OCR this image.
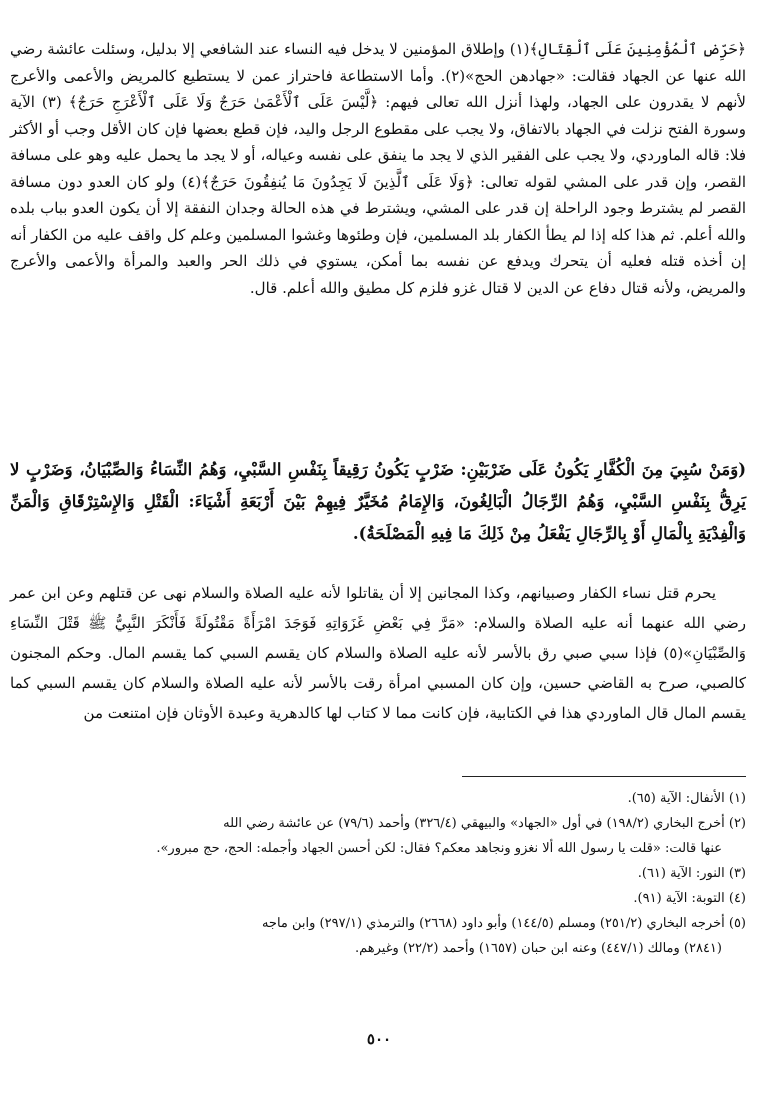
﴿حَرِّضِ ٱلْمُؤْمِنِينَ عَلَى ٱلْقِتَالِ﴾(١) وإطلاق المؤمنين لا يدخل فيه النساء عند الشافعي إلا بدليل، وسئلت عائشة رضي الله عنها عن الجهاد فقالت: «جهادهن الحج»(٢). وأما الاستطاعة فاحتراز عمن لا يستطيع كالمريض والأعمى والأعرج لأنهم لا يقدرون على الجهاد، ولهذا أنزل الله تعالى فيهم: ﴿لَّيْسَ عَلَى ٱلْأَعْمَىٰ حَرَجٌ وَلَا عَلَى ٱلْأَعْرَجِ حَرَجٌ﴾ (٣) الآية وسورة الفتح نزلت في الجهاد بالاتفاق، ولا يجب على مقطوع الرجل واليد، فإن قطع بعضها فإن كان الأقل وجب أو الأكثر فلا: قاله الماوردي، ولا يجب على الفقير الذي لا يجد ما ينفق على نفسه وعياله، أو لا يجد ما يحمل عليه وهو على مسافة القصر، وإن قدر على المشي لقوله تعالى: ﴿وَلَا عَلَى ٱلَّذِينَ لَا يَجِدُونَ مَا يُنفِقُونَ حَرَجٌ﴾(٤) ولو كان العدو دون مسافة القصر لم يشترط وجود الراحلة إن قدر على المشي، ويشترط في هذه الحالة وجدان النفقة إلا أن يكون العدو بباب بلده والله أعلم. ثم هذا كله إذا لم يطأ الكفار بلد المسلمين، فإن وطئوها وغشوا المسلمين وعلم كل واقف عليه من الكفار أنه إن أخذه قتله فعليه أن يتحرك ويدفع عن نفسه بما أمكن، يستوي في ذلك الحر والعبد والمرأة والأعمى والأعرج والمريض، ولأنه قتال دفاع عن الدين لا قتال غزو فلزم كل مطيق والله أعلم. قال.

(وَمَنْ سُبِيَ مِنَ الْكُفَّارِ يَكُونُ عَلَى ضَرْبَيْنِ: ضَرْبٍ يَكُونُ رَقِيقاً بِنَفْسِ السَّبْيِ، وَهُمُ النِّسَاءُ وَالصِّبْيَانُ، وَضَرْبٍ لا يَرِقُّ بِنَفْسِ السَّبْيِ، وَهُمُ الرِّجَالُ الْبَالِغُونَ، وَالإِمَامُ مُخَيَّرٌ فِيهِمْ بَيْنَ أَرْبَعَةِ أَشْيَاءَ: الْقَتْلِ وَالإِسْتِرْقَاقِ وَالْمَنِّ وَالْفِدْيَةِ بِالْمَالِ أَوْ بِالرِّجَالِ يَفْعَلُ مِنْ ذَلِكَ مَا فِيهِ الْمَصْلَحَةُ).

يحرم قتل نساء الكفار وصبيانهم، وكذا المجانين إلا أن يقاتلوا لأنه عليه الصلاة والسلام نهى عن قتلهم وعن ابن عمر رضي الله عنهما أنه عليه الصلاة والسلام: «مَرَّ فِي بَعْضِ غَزَوَاتِهِ فَوَجَدَ امْرَأَةً مَقْتُولَةً فَأَنْكَرَ النَّبِيُّ ﷺ قَتْلَ النِّسَاءِ وَالصِّبْيَانِ»(٥) فإذا سبي صبي رق بالأسر لأنه عليه الصلاة والسلام كان يقسم السبي كما يقسم المال. وحكم المجنون كالصبي، صرح به القاضي حسين، وإن كان المسبي امرأة رقت بالأسر لأنه عليه الصلاة والسلام كان يقسم السبي كما يقسم المال قال الماوردي هذا في الكتابية، فإن كانت مما لا كتاب لها كالدهرية وعبدة الأوثان فإن امتنعت من

(١) الأنفال: الآية (٦٥).

(٢) أخرج البخاري (١٩٨/٢) في أول «الجهاد» والبيهقي (٣٢٦/٤) وأحمد (٧٩/٦) عن عائشة رضي الله

عنها قالت: «قلت يا رسول الله ألا نغزو ونجاهد معكم؟ فقال: لكن أحسن الجهاد وأجمله: الحج، حج مبرور».

(٣) النور: الآية (٦١).

(٤) التوبة: الآية (٩١).

(٥) أخرجه البخاري (٢٥١/٢) ومسلم (١٤٤/٥) وأبو داود (٢٦٦٨) والترمذي (٢٩٧/١) وابن ماجه

(٢٨٤١) ومالك (٤٤٧/١) وعنه ابن حبان (١٦٥٧) وأحمد (٢٢/٢) وغيرهم.

٥٠٠
